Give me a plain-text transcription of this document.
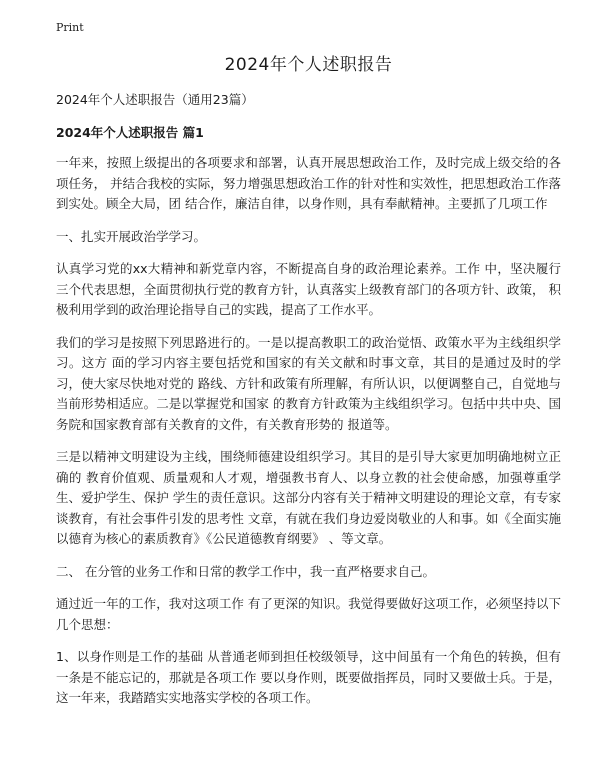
Print
2024年个人述职报告
2024年个人述职报告（通用23篇）
2024年个人述职报告 篇1

一年来，按照上级提出的各项要求和部署，认真开展思想政治工作，及时完成上级交给的各项任务， 并结合我校的实际，努力增强思想政治工作的针对性和实效性，把思想政治工作落到实处。顾全大局，团 结合作，廉洁自律，以身作则，具有奉献精神。主要抓了几项工作

一、扎实开展政治学学习。

认真学习党的xx大精神和新党章内容，不断提高自身的政治理论素养。工作 中，坚决履行三个代表思想，全面贯彻执行党的教育方针，认真落实上级教育部门的各项方针、政策， 积极利用学到的政治理论指导自己的实践，提高了工作水平。

我们的学习是按照下列思路进行的。一是以提高教职工的政治觉悟、政策水平为主线组织学习。这方 面的学习内容主要包括党和国家的有关文献和时事文章，其目的是通过及时的学习，使大家尽快地对党的 路线、方针和政策有所理解，有所认识，以便调整自己，自觉地与当前形势相适应。二是以掌握党和国家 的教育方针政策为主线组织学习。包括中共中央、国务院和国家教育部有关教育的文件，有关教育形势的 报道等。

三是以精神文明建设为主线，围绕师德建设组织学习。其目的是引导大家更加明确地树立正确的 教育价值观、质量观和人才观，增强教书育人、以身立教的社会使命感，加强尊重学生、爱护学生、保护 学生的责任意识。这部分内容有关于精神文明建设的理论文章，有专家谈教育，有社会事件引发的思考性 文章，有就在我们身边爱岗敬业的人和事。如《全面实施以德育为核心的素质教育》《公民道德教育纲要》 、等文章。

二、 在分管的业务工作和日常的教学工作中，我一直严格要求自己。

通过近一年的工作，我对这项工作 有了更深的知识。我觉得要做好这项工作，必须坚持以下几个思想：

1、以身作则是工作的基础 从普通老师到担任校级领导，这中间虽有一个角色的转换，但有一条是不能忘记的，那就是各项工作 要以身作则，既要做指挥员，同时又要做士兵。于是，这一年来，我踏踏实实地落实学校的各项工作。
